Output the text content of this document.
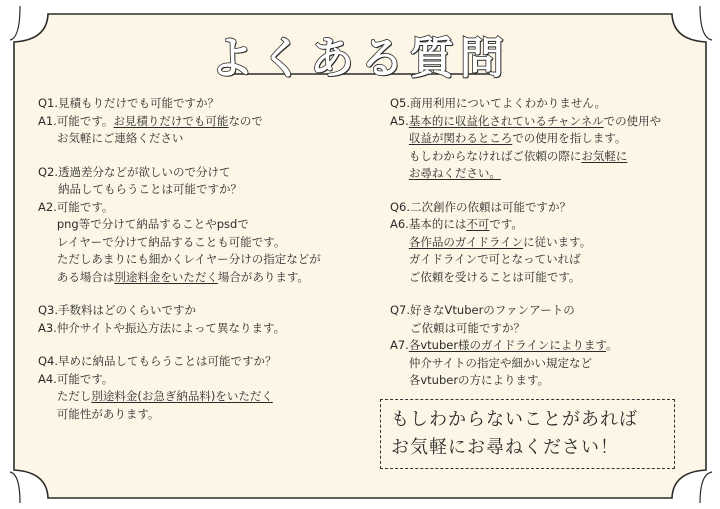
よくある質問
Q1. 見積もりだけでも可能ですか？
A1. 可能です。お見積りだけでも可能なので
お気軽にご連絡ください
Q2. 透過差分などが欲しいので分けて
納品してもらうことは可能ですか？
A2. 可能です。
png等で分けて納品することやpsdで
レイヤーで分けて納品することも可能です。
ただしあまりにも細かくレイヤー分けの指定などが
ある場合は別途料金をいただく場合があります。
Q3. 手数料はどのくらいですか
A3. 仲介サイトや振込方法によって異なります。
Q4. 早めに納品してもらうことは可能ですか？
A4. 可能です。
ただし別途料金(お急ぎ納品料)をいただく
可能性があります。
Q5. 商用利用についてよくわかりません。
A5. 基本的に収益化されているチャンネルでの使用や
収益が関わるところでの使用を指します。
もしわからなければご依頼の際にお気軽に
お尋ねください。
Q6. 二次創作の依頼は可能ですか？
A6. 基本的には不可です。
各作品のガイドラインに従います。
ガイドラインで可となっていれば
ご依頼を受けることは可能です。
Q7. 好きなVtuberのファンアートの
ご依頼は可能ですか？
A7. 各vtuber様のガイドラインによります。
仲介サイトの指定や細かい規定など
各vtuberの方によります。
もしわからないことがあれば
お気軽にお尋ねください！
